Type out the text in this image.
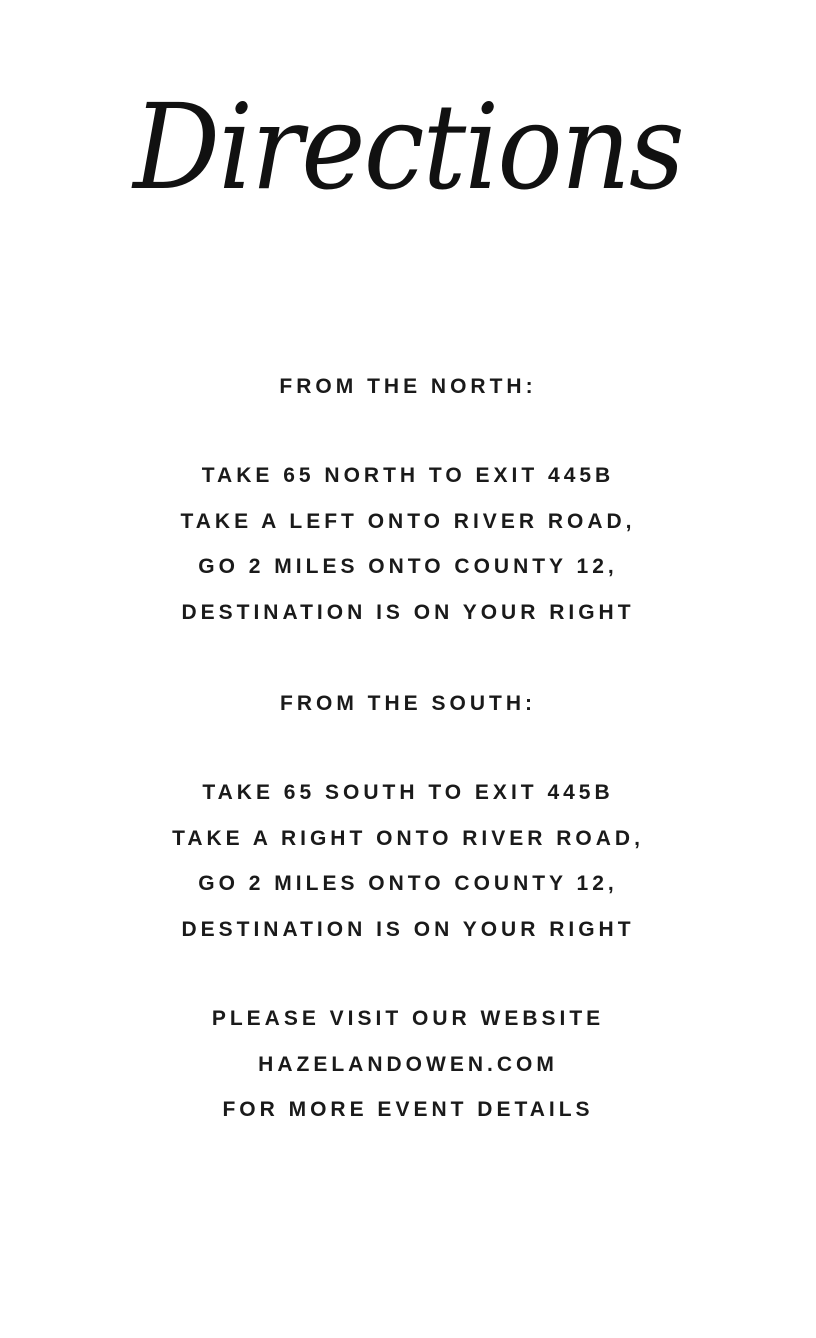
Directions
FROM THE NORTH:
TAKE 65 NORTH TO EXIT 445B
TAKE A LEFT ONTO RIVER ROAD,
GO 2 MILES ONTO COUNTY 12,
DESTINATION IS ON YOUR RIGHT
FROM THE SOUTH:
TAKE 65 SOUTH TO EXIT 445B
TAKE A RIGHT ONTO RIVER ROAD,
GO 2 MILES ONTO COUNTY 12,
DESTINATION IS ON YOUR RIGHT
PLEASE VISIT OUR WEBSITE
HAZELANDOWEN.COM
FOR MORE EVENT DETAILS
